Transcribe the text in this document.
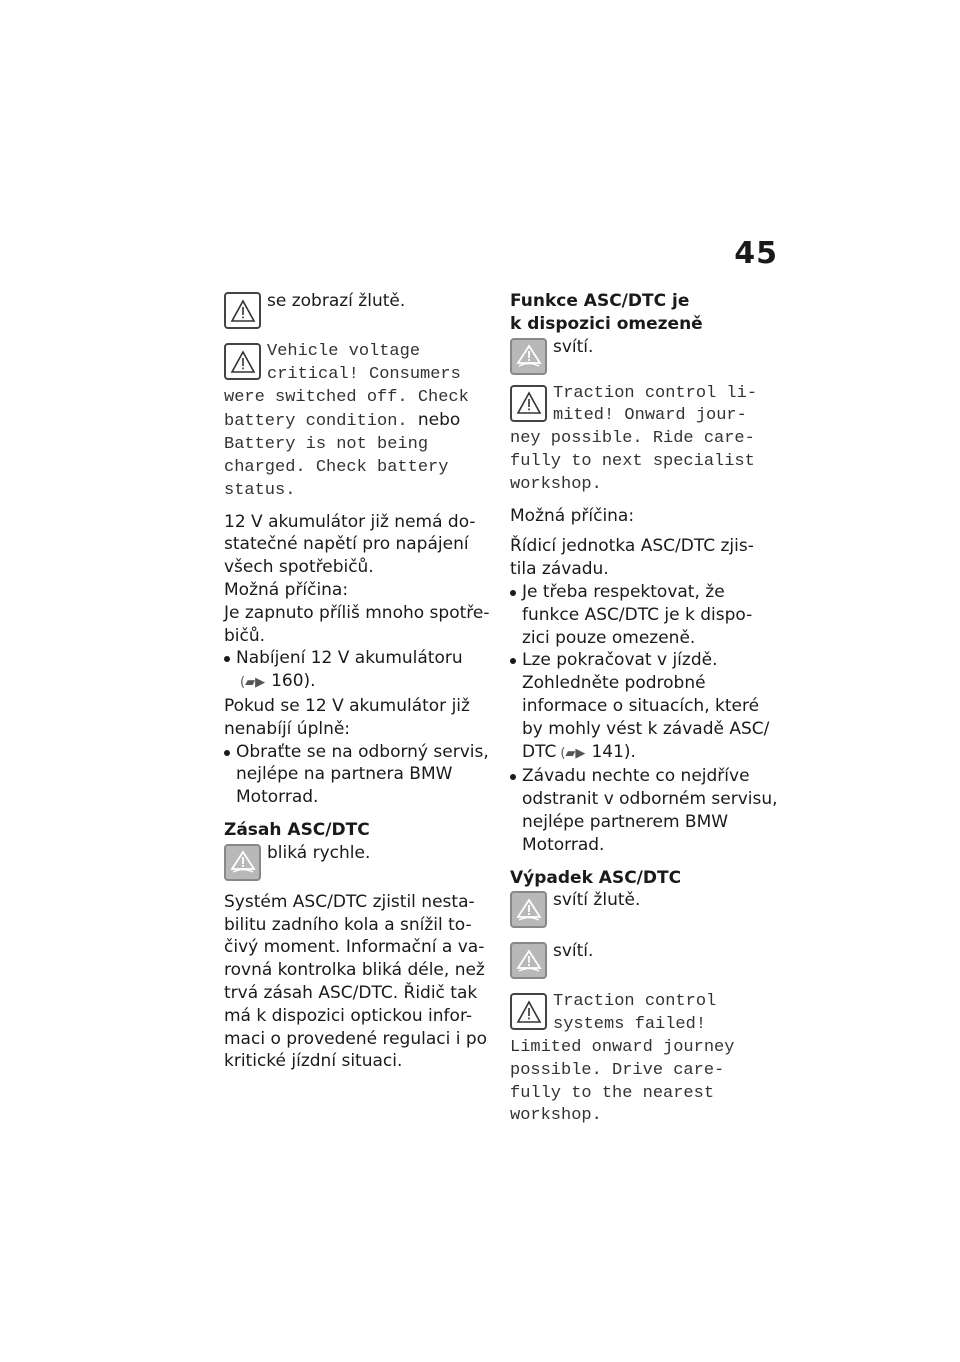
45

se zobrazí žlutě.

Vehicle voltage
critical! Consumers
were switched off. Check
battery condition. nebo
Battery is not being
charged. Check battery
status.

12 V akumulátor již nemá do-statečné napětí pro napájení všech spotřebičů.

Možná příčina:

Je zapnuto příliš mnoho spotře-bičů.

Nabíjení 12 V akumulátoru
(▰▶ 160).

Pokud se 12 V akumulátor již nenabíjí úplně:

Obraťte se na odborný servis, nejlépe na partnera BMW Motorrad.

Zásah ASC/DTC

bliká rychle.

Systém ASC/DTC zjistil nesta-bilitu zadního kola a snížil to-čivý moment. Informační a va-rovná kontrolka bliká déle, než trvá zásah ASC/DTC. Řidič tak má k dispozici optickou infor-maci o provedené regulaci i po kritické jízdní situaci.

Funkce ASC/DTC je
k dispozici omezeně

svítí.

Traction control li-
mited! Onward jour-
ney possible. Ride care-
fully to next specialist
workshop.

Možná příčina:

Řídicí jednotka ASC/DTC zjis-tila závadu.

Je třeba respektovat, že funkce ASC/DTC je k dispo-zici pouze omezeně.

Lze pokračovat v jízdě. Zohledněte podrobné informace o situacích, které by mohly vést k závadě ASC/ DTC (▰▶ 141).

Závadu nechte co nejdříve odstranit v odborném servisu, nejlépe partnerem BMW Motorrad.

Výpadek ASC/DTC

svítí žlutě.

svítí.

Traction control
systems failed!
Limited onward journey
possible. Drive care-
fully to the nearest
workshop.
